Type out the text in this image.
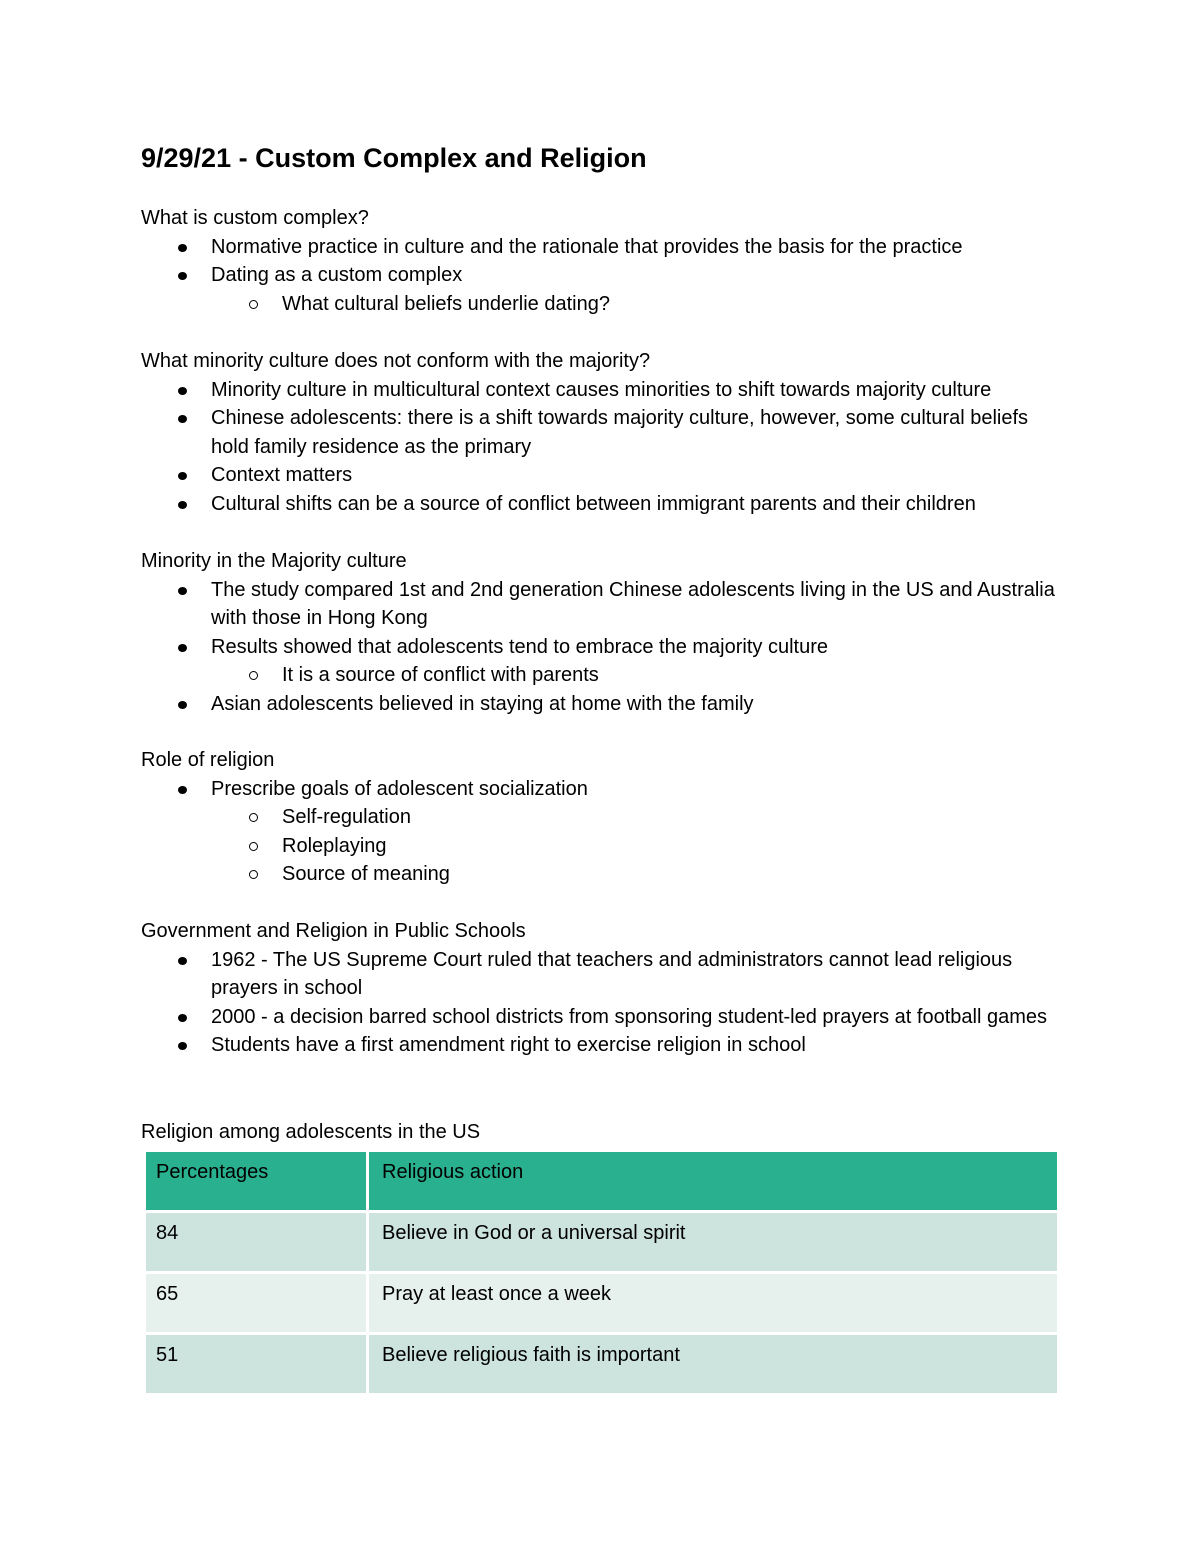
9/29/21 - Custom Complex and Religion

What is custom complex?

Normative practice in culture and the rationale that provides the basis for the practice
Dating as a custom complex
What cultural beliefs underlie dating?

What minority culture does not conform with the majority?

Minority culture in multicultural context causes minorities to shift towards majority culture
Chinese adolescents: there is a shift towards majority culture, however, some cultural beliefs hold family residence as the primary
Context matters
Cultural shifts can be a source of conflict between immigrant parents and their children

Minority in the Majority culture

The study compared 1st and 2nd generation Chinese adolescents living in the US and Australia with those in Hong Kong
Results showed that adolescents tend to embrace the majority culture
It is a source of conflict with parents
Asian adolescents believed in staying at home with the family

Role of religion

Prescribe goals of adolescent socialization
Self-regulation
Roleplaying
Source of meaning

Government and Religion in Public Schools

1962 - The US Supreme Court ruled that teachers and administrators cannot lead religious prayers in school
2000 - a decision barred school districts from sponsoring student-led prayers at football games
Students have a first amendment right to exercise religion in school

Religion among adolescents in the US

Percentages	Religious action
84	Believe in God or a universal spirit
65	Pray at least once a week
51	Believe religious faith is important
